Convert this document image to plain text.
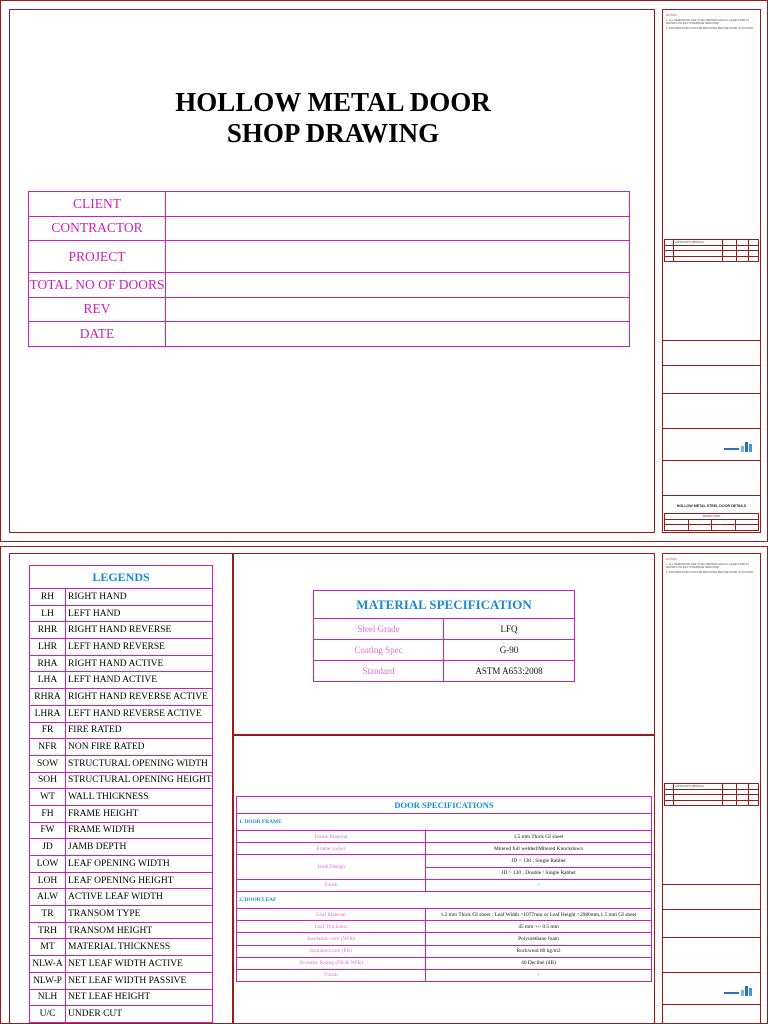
HOLLOW METAL DOOR
SHOP DRAWING
CLIENT	
CONTRACTOR	
PROJECT	
TOTAL NO OF DOORS	
REV	
DATE	
NOTES:
1. ALL DIMENSIONS ARE IN MILLIMETERS AND ALL LEVELS ARE IN METERS UNLESS OTHERWISE INDICATED.
2. DISCREPANCIES MUST BE REPORTED BEFORE WORK IS STARTED.
	CONSULTANT APPROVAL			

HOLLOW METAL STEEL DOOR DETAILS
PROJECT INFO			

LEGENDS	
RH	RIGHT HAND
LH	LEFT HAND
RHR	RIGHT HAND REVERSE
LHR	LEFT HAND REVERSE
RHA	RIGHT HAND ACTIVE
LHA	LEFT HAND ACTIVE
RHRA	RIGHT HAND REVERSE ACTIVE
LHRA	LEFT HAND REVERSE ACTIVE
FR	FIRE RATED
NFR	NON FIRE RATED
SOW	STRUCTURAL OPENING WIDTH
SOH	STRUCTURAL OPENING HEIGHT
WT	WALL THICKNESS
FH	FRAME HEIGHT
FW	FRAME WIDTH
JD	JAMB DEPTH
LOW	LEAF OPENING WIDTH
LOH	LEAF OPENING HEIGHT
ALW	ACTIVE LEAF WIDTH
TR	TRANSOM TYPE
TRH	TRANSOM HEIGHT
MT	MATERIAL THICKNESS
NLW-A	NET LEAF WIDTH ACTIVE
NLW-P	NET LEAF WIDTH PASSIVE
NLH	NET LEAF HEIGHT
U/C	UNDER CUT
MATERIAL SPECIFICATION	
Steel Grade	LFQ
Coating Spec	G-90
Standard	ASTM A653:2008
DOOR SPECIFICATIONS	
1. DOOR FRAME	
Frame Material	1.5 mm Thick GI sheet
Frame corner	Mitered full welded/Mitered Knockdown
Jamb Design	JD < 130 ; Single Rabbet
	JD > 130 ; Double / Single Rabbet
Finish	-
2. DOOR LEAF	
Leaf Material	1.2 mm Thick GI sheet ; Leaf Width >1077mm or Leaf Height >2980mm,1.5 mm GI sheet
Leaf Thickness	45 mm +/- 0.5 mm
Insulation core (NFR)	Polyurethane foam
Insulated core (FR)	Rockwool 80 kg/m3
Acoustic Rating (FR & NFR)	40 Decibel (dB)
Finish	-
NOTES:
1. ALL DIMENSIONS ARE IN MILLIMETERS AND ALL LEVELS ARE IN METERS UNLESS OTHERWISE INDICATED.
2. DISCREPANCIES MUST BE REPORTED BEFORE WORK IS STARTED.
	CONSULTANT APPROVAL			
